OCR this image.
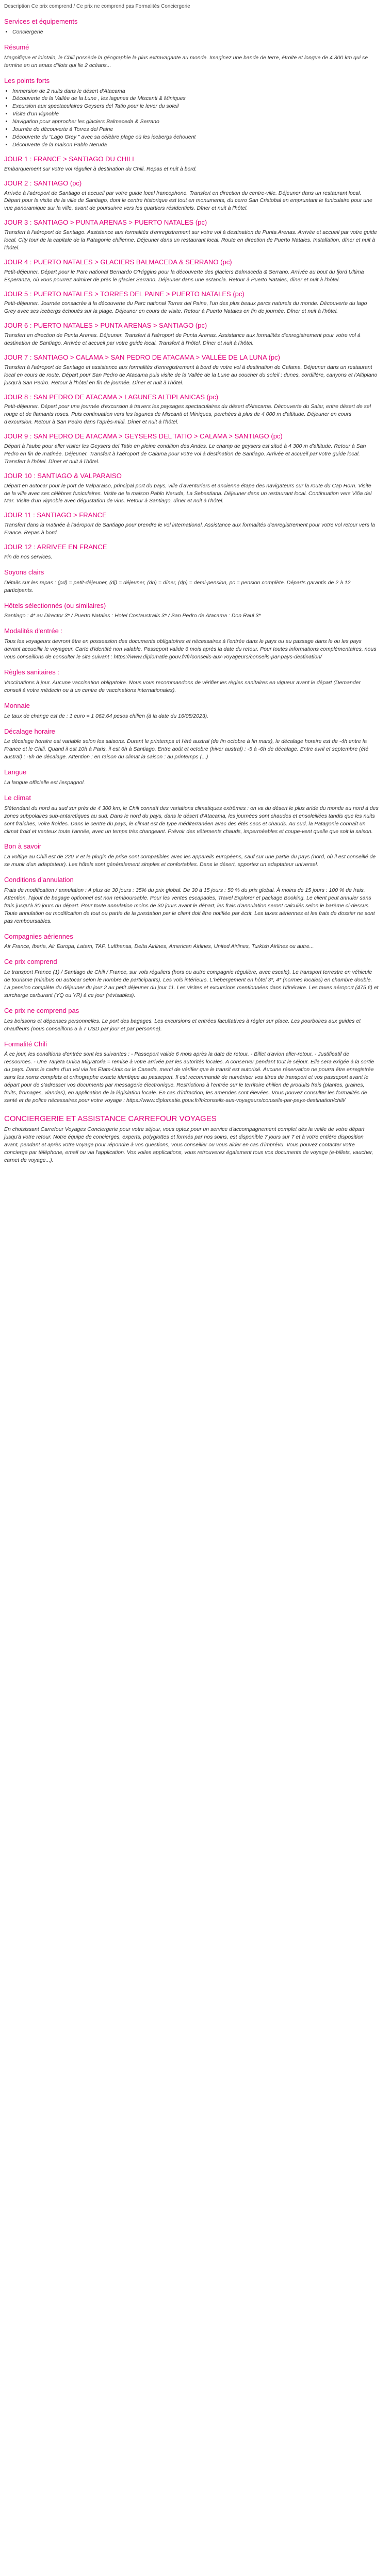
Description Ce prix comprend / Ce prix ne comprend pas Formalités Conciergerie
Services et équipements
• Conciergerie
Résumé

Magnifique et lointain, le Chili possède la géographie la plus extravagante au monde. Imaginez une bande de terre, étroite et longue de 4 300 km qui se termine en un amas d'îlots qui lie 2 océans...

Les points forts
• Immersion de 2 nuits dans le désert d'Atacama
• Découverte de la Vallée de la Lune , les lagunes de Miscanti & Miniques
• Excursion aux spectaculaires Geysers del Tatio pour le lever du soleil
• Visite d'un vignoble
• Navigation pour approcher les glaciers Balmaceda & Serrano
• Journée de découverte à Torres del Paine
• Découverte du "Lago Grey " avec sa célèbre plage où les icebergs échouent
• Découverte de la maison Pablo Neruda
JOUR 1 : FRANCE > SANTIAGO DU CHILI

Embarquement sur votre vol régulier à destination du Chili. Repas et nuit à bord.

JOUR 2 : SANTIAGO (pc)

Arrivée à l'aéroport de Santiago et accueil par votre guide local francophone. Transfert en direction du centre-ville. Déjeuner dans un restaurant local. Départ pour la visite de la ville de Santiago, dont le centre historique est tout en monuments, du cerro San Cristobal en empruntant le funiculaire pour une vue panoramique sur la ville, avant de poursuivre vers les quartiers résidentiels. Dîner et nuit à l'hôtel.

JOUR 3 : SANTIAGO > PUNTA ARENAS > PUERTO NATALES (pc)

Transfert à l'aéroport de Santiago. Assistance aux formalités d'enregistrement sur votre vol à destination de Punta Arenas. Arrivée et accueil par votre guide local. City tour de la capitale de la Patagonie chilienne. Déjeuner dans un restaurant local. Route en direction de Puerto Natales. Installation, dîner et nuit à l'hôtel.

JOUR 4 : PUERTO NATALES > GLACIERS BALMACEDA & SERRANO (pc)

Petit-déjeuner. Départ pour le Parc national Bernardo O'Higgins pour la découverte des glaciers Balmaceda & Serrano. Arrivée au bout du fjord Ultima Esperanza, où vous pourrez admirer de près le glacier Serrano. Déjeuner dans une estancia. Retour à Puerto Natales, dîner et nuit à l'hôtel.

JOUR 5 : PUERTO NATALES > TORRES DEL PAINE > PUERTO NATALES (pc)

Petit-déjeuner. Journée consacrée à la découverte du Parc national Torres del Paine, l'un des plus beaux parcs naturels du monde. Découverte du lago Grey avec ses icebergs échoués sur la plage. Déjeuner en cours de visite. Retour à Puerto Natales en fin de journée. Dîner et nuit à l'hôtel.

JOUR 6 : PUERTO NATALES > PUNTA ARENAS > SANTIAGO (pc)

Transfert en direction de Punta Arenas. Déjeuner. Transfert à l'aéroport de Punta Arenas. Assistance aux formalités d'enregistrement pour votre vol à destination de Santiago. Arrivée et accueil par votre guide local. Transfert à l'hôtel. Dîner et nuit à l'hôtel.

JOUR 7 : SANTIAGO > CALAMA > SAN PEDRO DE ATACAMA > VALLÉE DE LA LUNA (pc)

Transfert à l'aéroport de Santiago et assistance aux formalités d'enregistrement à bord de votre vol à destination de Calama. Déjeuner dans un restaurant local en cours de route. Départ pour San Pedro de Atacama puis visite de la Vallée de la Lune au coucher du soleil : dunes, cordillère, canyons et l'Altiplano jusqu'à San Pedro. Retour à l'hôtel en fin de journée. Dîner et nuit à l'hôtel.

JOUR 8 : SAN PEDRO DE ATACAMA > LAGUNES ALTIPLANICAS (pc)

Petit-déjeuner. Départ pour une journée d'excursion à travers les paysages spectaculaires du désert d'Atacama. Découverte du Salar, entre désert de sel rouge et de flamants roses. Puis continuation vers les lagunes de Miscanti et Miniques, perchées à plus de 4 000 m d'altitude. Déjeuner en cours d'excursion. Retour à San Pedro dans l'après-midi. Dîner et nuit à l'hôtel.

JOUR 9 : SAN PEDRO DE ATACAMA > GEYSERS DEL TATIO > CALAMA > SANTIAGO (pc)

Départ à l'aube pour aller visiter les Geysers del Tatio en pleine condition des Andes. Le champ de geysers est situé à 4 300 m d'altitude. Retour à San Pedro en fin de matinée. Déjeuner. Transfert à l'aéroport de Calama pour votre vol à destination de Santiago. Arrivée et accueil par votre guide local. Transfert à l'hôtel. Dîner et nuit à l'hôtel.

JOUR 10 : SANTIAGO & VALPARAISO

Départ en autocar pour le port de Valparaiso, principal port du pays, ville d'aventuriers et ancienne étape des navigateurs sur la route du Cap Horn. Visite de la ville avec ses célèbres funiculaires. Visite de la maison Pablo Neruda, La Sebastiana. Déjeuner dans un restaurant local. Continuation vers Viña del Mar. Visite d'un vignoble avec dégustation de vins. Retour à Santiago, dîner et nuit à l'hôtel.

JOUR 11 : SANTIAGO > FRANCE

Transfert dans la matinée à l'aéroport de Santiago pour prendre le vol international. Assistance aux formalités d'enregistrement pour votre vol retour vers la France. Repas à bord.

JOUR 12 : ARRIVEE EN FRANCE

Fin de nos services.

Soyons clairs

Détails sur les repas : (pd) = petit-déjeuner, (dj) = déjeuner, (dn) = dîner, (dp) = demi-pension, pc = pension complète. Départs garantis de 2 à 12 participants.

Hôtels sélectionnés (ou similaires)

Santiago : 4* au Director 3* / Puerto Natales : Hotel Costaustralis 3* / San Pedro de Atacama : Don Raul 3*

Modalités d'entrée :

Tous les voyageurs devront être en possession des documents obligatoires et nécessaires à l'entrée dans le pays ou au passage dans le ou les pays devant accueillir le voyageur. Carte d'identité non valable. Passeport valide 6 mois après la date du retour. Pour toutes informations complémentaires, nous vous conseillons de consulter le site suivant : https://www.diplomatie.gouv.fr/fr/conseils-aux-voyageurs/conseils-par-pays-destination/

Règles sanitaires :

Vaccinations à jour. Aucune vaccination obligatoire. Nous vous recommandons de vérifier les règles sanitaires en vigueur avant le départ (Demander conseil à votre médecin ou à un centre de vaccinations internationales).

Monnaie

Le taux de change est de : 1 euro = 1 062,64 pesos chilien (à la date du 16/05/2023).

Décalage horaire

Le décalage horaire est variable selon les saisons. Durant le printemps et l'été austral (de fin octobre à fin mars), le décalage horaire est de -4h entre la France et le Chili. Quand il est 10h à Paris, il est 6h à Santiago. Entre août et octobre (hiver austral) : -5 à -6h de décalage. Entre avril et septembre (été austral) : -6h de décalage. Attention : en raison du climat la saison : au printemps (...)

Langue

La langue officielle est l'espagnol.

Le climat

S'étendant du nord au sud sur près de 4 300 km, le Chili connaît des variations climatiques extrêmes : on va du désert le plus aride du monde au nord à des zones subpolaires sub-antarctiques au sud. Dans le nord du pays, dans le désert d'Atacama, les journées sont chaudes et ensoleillées tandis que les nuits sont fraîches, voire froides. Dans le centre du pays, le climat est de type méditerranéen avec des étés secs et chauds. Au sud, la Patagonie connaît un climat froid et venteux toute l'année, avec un temps très changeant. Prévoir des vêtements chauds, imperméables et coupe-vent quelle que soit la saison.

Bon à savoir

La voltige au Chili est de 220 V et le plugin de prise sont compatibles avec les appareils européens, sauf sur une partie du pays (nord, où il est conseillé de se munir d'un adaptateur). Les hôtels sont généralement simples et confortables. Dans le désert, apportez un adaptateur universel.

Conditions d'annulation

Frais de modification / annulation : A plus de 30 jours : 35% du prix global. De 30 à 15 jours : 50 % du prix global. À moins de 15 jours : 100 % de frais. Attention, l'ajout de bagage optionnel est non remboursable. Pour les ventes escapades, Travel Explorer et package Booking. Le client peut annuler sans frais jusqu'à 30 jours du départ. Pour toute annulation moins de 30 jours avant le départ, les frais d'annulation seront calculés selon le barème ci-dessus. Toute annulation ou modification de tout ou partie de la prestation par le client doit être notifiée par écrit. Les taxes aériennes et les frais de dossier ne sont pas remboursables.

Compagnies aériennes

Air France, Iberia, Air Europa, Latam, TAP, Lufthansa, Delta Airlines, American Airlines, United Airlines, Turkish Airlines ou autre...

Ce prix comprend

Le transport France (1) / Santiago de Chili / France, sur vols réguliers (hors ou autre compagnie régulière, avec escale). Le transport terrestre en véhicule de tourisme (minibus ou autocar selon le nombre de participants). Les vols intérieurs. L'hébergement en hôtel 3*, 4* (normes locales) en chambre double. La pension complète du déjeuner du jour 2 au petit déjeuner du jour 11. Les visites et excursions mentionnées dans l'itinéraire. Les taxes aéroport (475 €) et surcharge carburant (YQ ou YR) à ce jour (révisables).

Ce prix ne comprend pas

Les boissons et dépenses personnelles. Le port des bagages. Les excursions et entrées facultatives à régler sur place. Les pourboires aux guides et chauffeurs (nous conseillons 5 à 7 USD par jour et par personne).

Formalité Chili

À ce jour, les conditions d'entrée sont les suivantes : - Passeport valide 6 mois après la date de retour. - Billet d'avion aller-retour. - Justificatif de ressources. - Une Tarjeta Unica Migratoria = remise à votre arrivée par les autorités locales. A conserver pendant tout le séjour. Elle sera exigée à la sortie du pays. Dans le cadre d'un vol via les Etats-Unis ou le Canada, merci de vérifier que le transit est autorisé. Aucune réservation ne pourra être enregistrée sans les noms complets et orthographe exacte identique au passeport. Il est recommandé de numériser vos titres de transport et vos passeport avant le départ pour de s'adresser vos documents par messagerie électronique. Restrictions à l'entrée sur le territoire chilien de produits frais (plantes, graines, fruits, fromages, viandes), en application de la législation locale. En cas d'infraction, les amendes sont élevées. Vous pouvez consulter les formalités de santé et de police nécessaires pour votre voyage : https://www.diplomatie.gouv.fr/fr/conseils-aux-voyageurs/conseils-par-pays-destination/chili/

CONCIERGERIE ET ASSISTANCE CARREFOUR VOYAGES

En choisissant Carrefour Voyages Conciergerie pour votre séjour, vous optez pour un service d'accompagnement complet dès la veille de votre départ jusqu'à votre retour. Notre équipe de concierges, experts, polyglottes et formés par nos soins, est disponible 7 jours sur 7 et à votre entière disposition avant, pendant et après votre voyage pour répondre à vos questions, vous conseiller ou vous aider en cas d'imprévu. Vous pouvez contacter votre concierge par téléphone, email ou via l'application. Vos voiles applications, vous retrouverez également tous vos documents de voyage (e-billets, vaucher, carnet de voyage...).
